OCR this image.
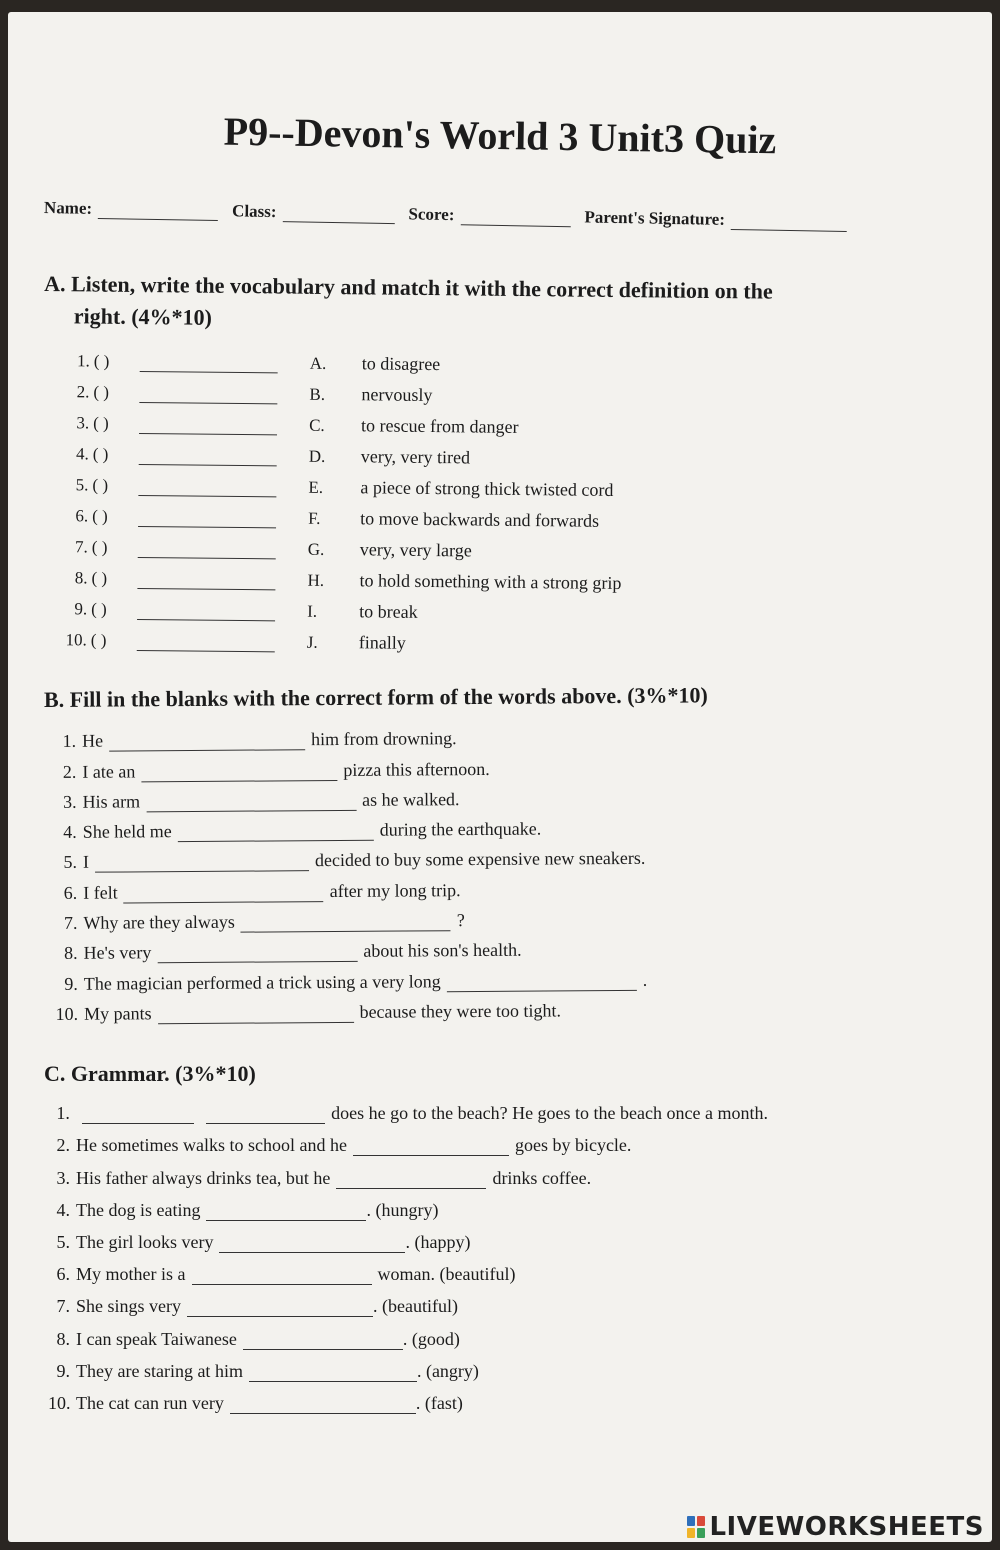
P9--Devon's World 3 Unit3 Quiz
Name:	Class:	Score:	Parent's Signature:
A. Listen, write the vocabulary and match it with the correct definition on the
right. (4%*10)
1. ( )	A.	to disagree
2. ( )	B.	nervously
3. ( )	C.	to rescue from danger
4. ( )	D.	very, very tired
5. ( )	E.	a piece of strong thick twisted cord
6. ( )	F.	to move backwards and forwards
7. ( )	G.	very, very large
8. ( )	H.	to hold something with a strong grip
9. ( )	I.	to break
10. ( )	J.	finally
B. Fill in the blanks with the correct form of the words above. (3%*10)
1. He	him from drowning.
2. I ate an	pizza this afternoon.
3. His arm	as he walked.
4. She held me	during the earthquake.
5. I	decided to buy some expensive new sneakers.
6. I felt	after my long trip.
7. Why are they always	?
8. He's very	about his son's health.
9. The magician performed a trick using a very long	.
10. My pants	because they were too tight.
C. Grammar. (3%*10)
1.	does he go to the beach? He goes to the beach once a month.
2. He sometimes walks to school and he	goes by bicycle.
3. His father always drinks tea, but he	drinks coffee.
4. The dog is eating	. (hungry)
5. The girl looks very	. (happy)
6. My mother is a	woman. (beautiful)
7. She sings very	. (beautiful)
8. I can speak Taiwanese	. (good)
9. They are staring at him	. (angry)
10. The cat can run very	. (fast)
LIVEWORKSHEETS
